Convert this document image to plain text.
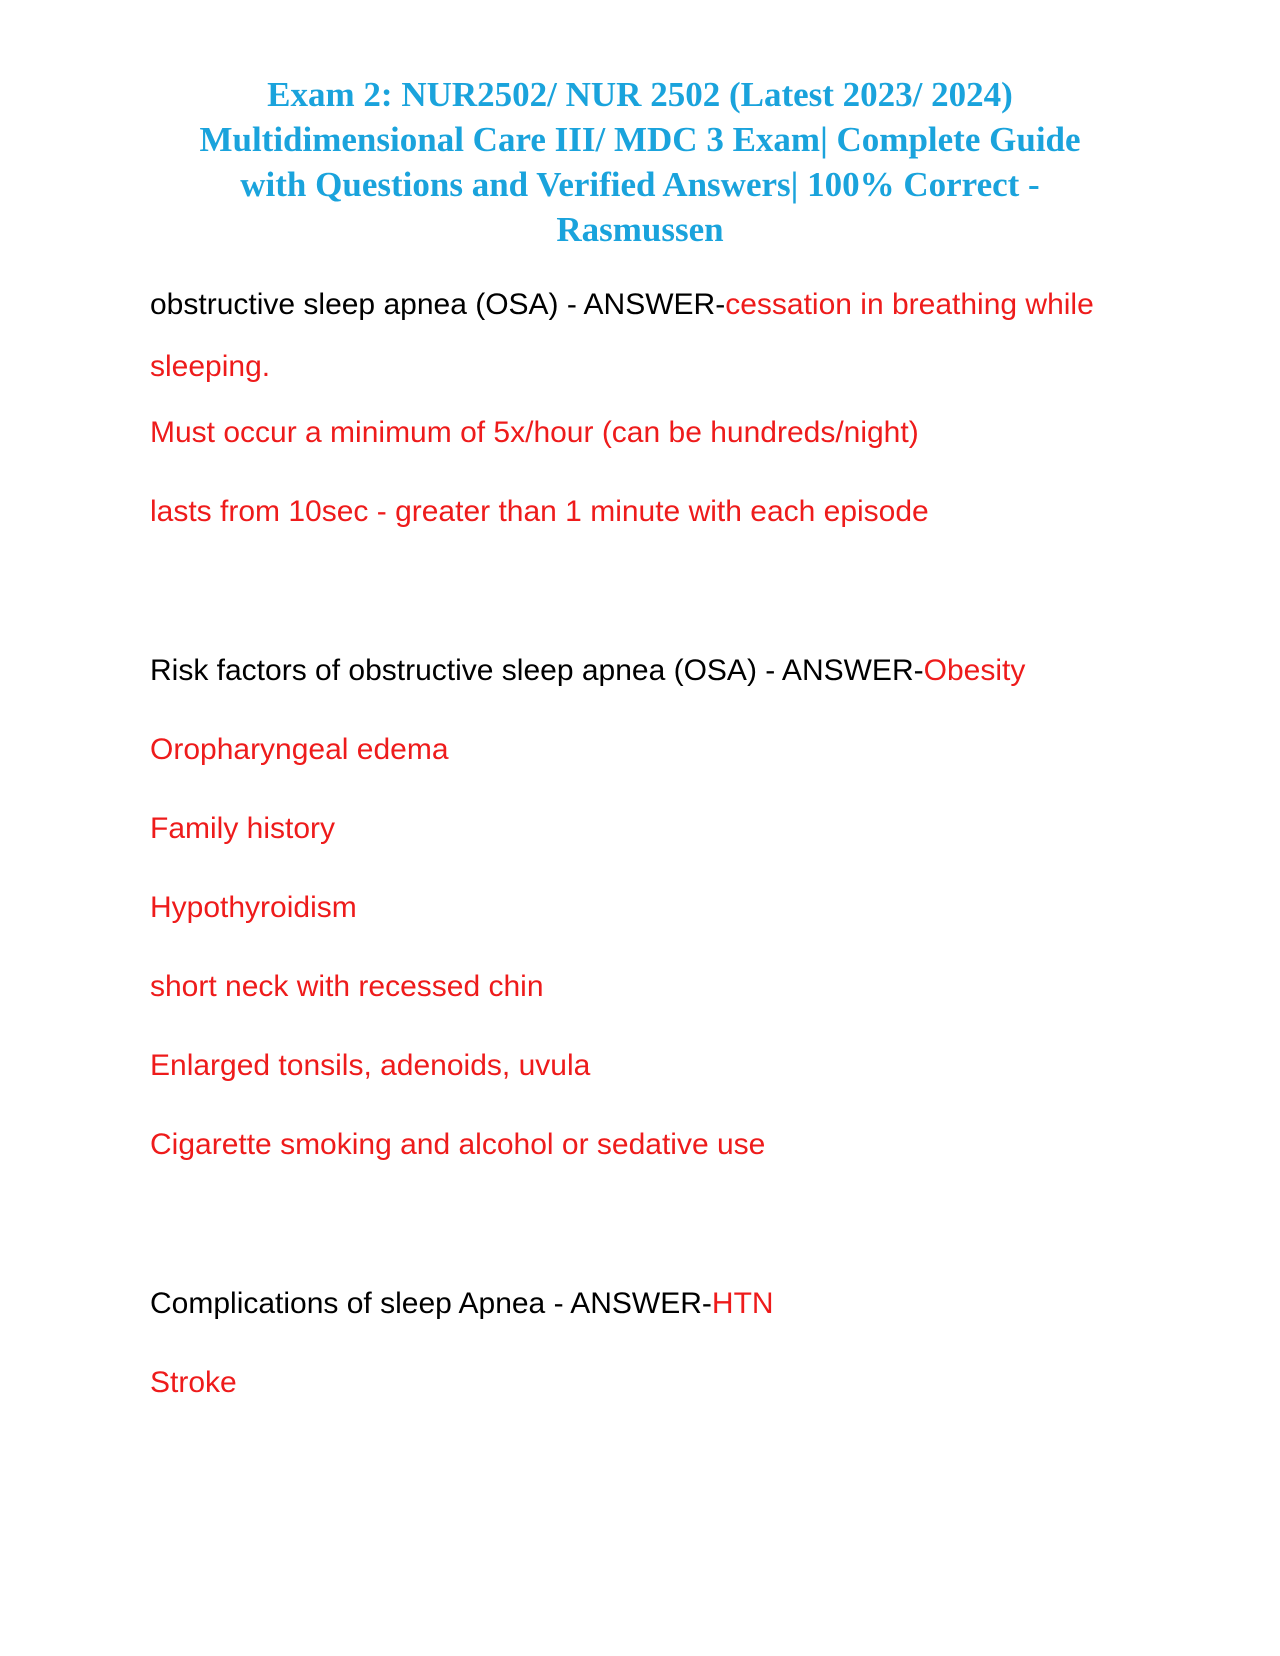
Exam 2: NUR2502/ NUR 2502 (Latest 2023/ 2024)
Multidimensional Care III/ MDC 3 Exam| Complete Guide
with Questions and Verified Answers| 100% Correct -
Rasmussen

obstructive sleep apnea (OSA) - ANSWER-cessation in breathing while sleeping.

Must occur a minimum of 5x/hour (can be hundreds/night)

lasts from 10sec - greater than 1 minute with each episode

Risk factors of obstructive sleep apnea (OSA) - ANSWER-Obesity

Oropharyngeal edema

Family history

Hypothyroidism

short neck with recessed chin

Enlarged tonsils, adenoids, uvula

Cigarette smoking and alcohol or sedative use

Complications of sleep Apnea - ANSWER-HTN

Stroke
